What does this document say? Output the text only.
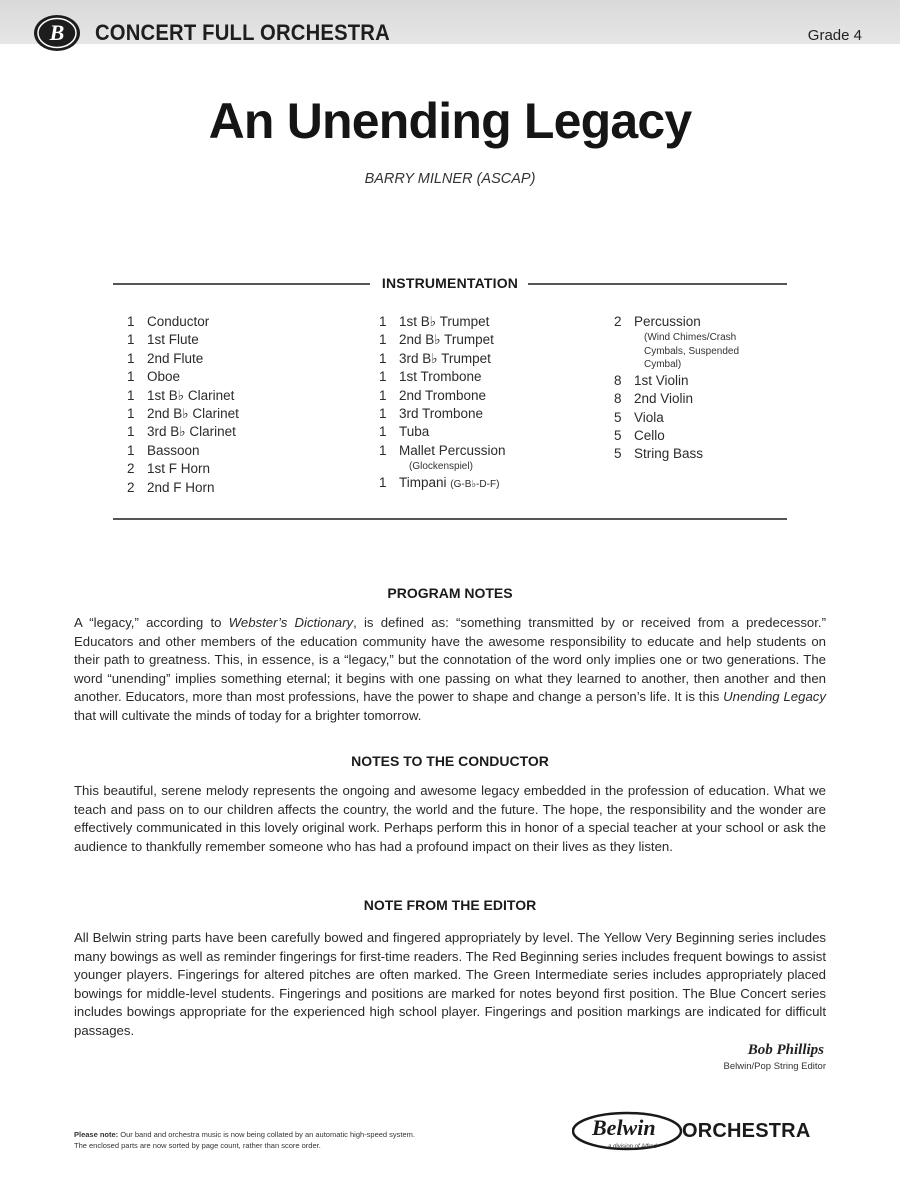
B CONCERT FULL ORCHESTRA	Grade 4
An Unending Legacy
BARRY MILNER (ASCAP)
INSTRUMENTATION
1 Conductor
1 1st Flute
1 2nd Flute
1 Oboe
1 1st B♭ Clarinet
1 2nd B♭ Clarinet
1 3rd B♭ Clarinet
1 Bassoon
2 1st F Horn
2 2nd F Horn
1 1st B♭ Trumpet
1 2nd B♭ Trumpet
1 3rd B♭ Trumpet
1 1st Trombone
1 2nd Trombone
1 3rd Trombone
1 Tuba
1 Mallet Percussion
(Glockenspiel)
1 Timpani (G-B♭-D-F)
2 Percussion
(Wind Chimes/Crash
Cymbals, Suspended
Cymbal)
8 1st Violin
8 2nd Violin
5 Viola
5 Cello
5 String Bass
PROGRAM NOTES
A “legacy,” according to Webster’s Dictionary, is defined as: “something transmitted by or received from a predecessor.” Educators and other members of the education community have the awesome responsibility to educate and help students on their path to greatness. This, in essence, is a “legacy,” but the connotation of the word only implies one or two generations. The word “unending” implies something eternal; it begins with one passing on what they learned to another, then another and then another. Educators, more than most professions, have the power to shape and change a person’s life. It is this Unending Legacy that will cultivate the minds of today for a brighter tomorrow.
NOTES TO THE CONDUCTOR
This beautiful, serene melody represents the ongoing and awesome legacy embedded in the profession of education. What we teach and pass on to our children affects the country, the world and the future. The hope, the responsibility and the wonder are effectively communicated in this lovely original work. Perhaps perform this in honor of a special teacher at your school or ask the audience to thankfully remember someone who has had a profound impact on their lives as they listen.
NOTE FROM THE EDITOR
All Belwin string parts have been carefully bowed and fingered appropriately by level. The Yellow Very Beginning series includes many bowings as well as reminder fingerings for first-time readers. The Red Beginning series includes frequent bowings to assist younger players. Fingerings for altered pitches are often marked. The Green Intermediate series includes appropriately placed bowings for middle-level students. Fingerings and positions are marked for notes beyond first position. The Blue Concert series includes bowings appropriate for the experienced high school player. Fingerings and position markings are indicated for difficult passages.
Bob Phillips
Belwin/Pop String Editor
Please note: Our band and orchestra music is now being collated by an automatic high-speed system.
The enclosed parts are now sorted by page count, rather than score order.
Belwin ORCHESTRA
a division of Alfred
